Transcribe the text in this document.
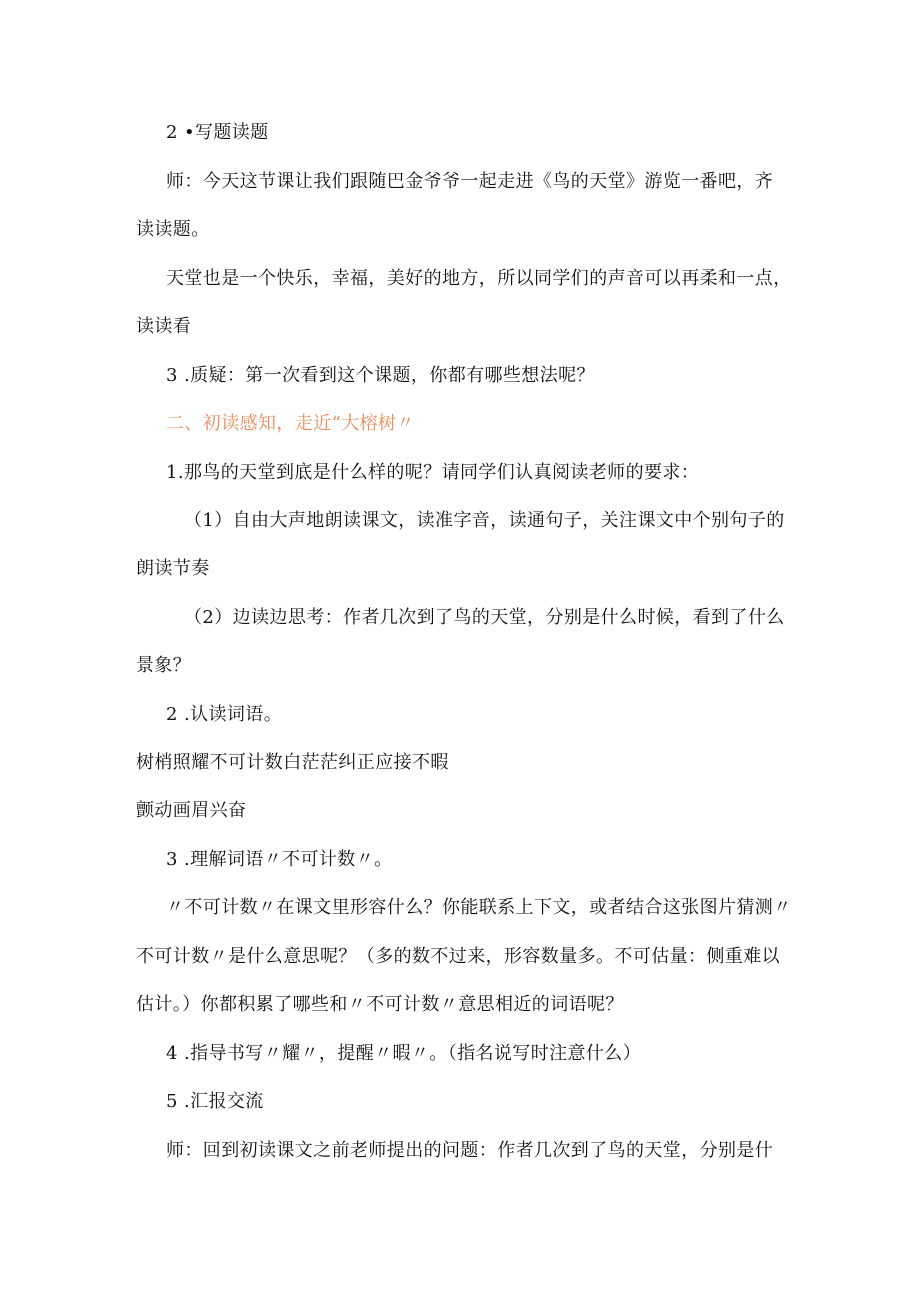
2 •写题读题
师：今天这节课让我们跟随巴金爷爷一起走进《鸟的天堂》游览一番吧，齐
读读题。
天堂也是一个快乐，幸福，美好的地方，所以同学们的声音可以再柔和一点，
读读看
3 .质疑：第一次看到这个课题，你都有哪些想法呢？
二、初读感知，走近“大榕树〃
1.那鸟的天堂到底是什么样的呢？请同学们认真阅读老师的要求：
（1）自由大声地朗读课文，读准字音，读通句子，关注课文中个别句子的
朗读节奏
（2）边读边思考：作者几次到了鸟的天堂，分别是什么时候，看到了什么
景象？
2 .认读词语。
树梢照耀不可计数白茫茫纠正应接不暇
颤动画眉兴奋
3 .理解词语〃不可计数〃。
〃不可计数〃在课文里形容什么？你能联系上下文，或者结合这张图片猜测〃
不可计数〃是什么意思呢？（多的数不过来，形容数量多。不可估量：侧重难以
估计。）你都积累了哪些和〃不可计数〃意思相近的词语呢？
4 .指导书写〃耀〃，提醒〃暇〃。（指名说写时注意什么）
5 .汇报交流
师：回到初读课文之前老师提出的问题：作者几次到了鸟的天堂，分别是什
